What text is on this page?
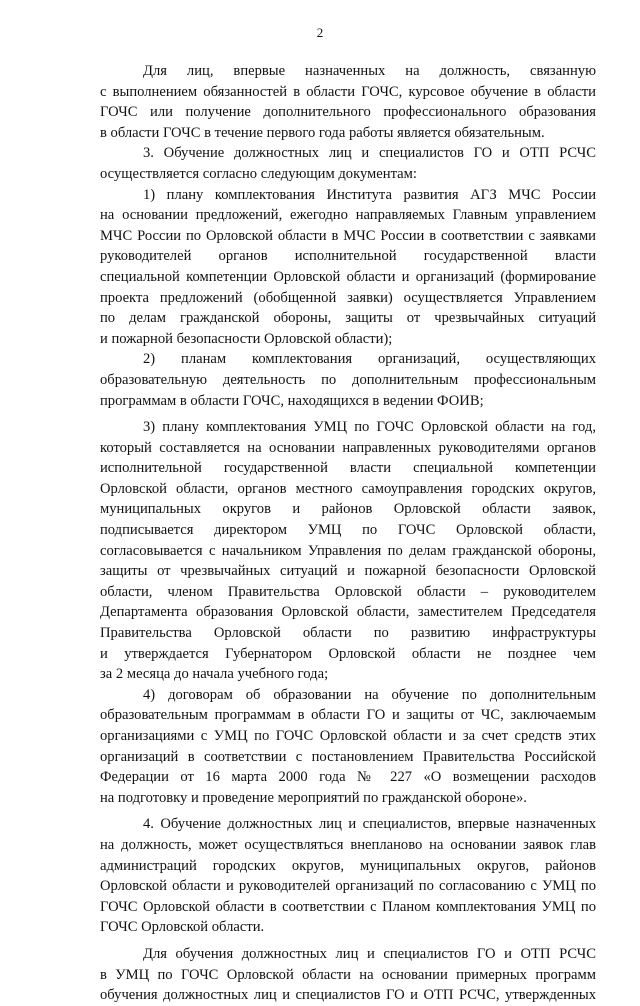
2
Для лиц, впервые назначенных на должность, связанную
с выполнением обязанностей в области ГОЧС, курсовое обучение в области
ГОЧС или получение дополнительного профессионального образования
в области ГОЧС в течение первого года работы является обязательным.
3. Обучение должностных лиц и специалистов ГО и ОТП РСЧС
осуществляется согласно следующим документам:
1) плану комплектования Института развития АГЗ МЧС России
на основании предложений, ежегодно направляемых Главным управлением
МЧС России по Орловской области в МЧС России в соответствии с заявками
руководителей органов исполнительной государственной власти
специальной компетенции Орловской области и организаций (формирование
проекта предложений (обобщенной заявки) осуществляется Управлением
по делам гражданской обороны, защиты от чрезвычайных ситуаций
и пожарной безопасности Орловской области);
2) планам комплектования организаций, осуществляющих
образовательную деятельность по дополнительным профессиональным
программам в области ГОЧС, находящихся в ведении ФОИВ;
3) плану комплектования УМЦ по ГОЧС Орловской области на год,
который составляется на основании направленных руководителями органов
исполнительной государственной власти специальной компетенции
Орловской области, органов местного самоуправления городских округов,
муниципальных округов и районов Орловской области заявок,
подписывается директором УМЦ по ГОЧС Орловской области,
согласовывается с начальником Управления по делам гражданской обороны,
защиты от чрезвычайных ситуаций и пожарной безопасности Орловской
области, членом Правительства Орловской области – руководителем
Департамента образования Орловской области, заместителем Председателя
Правительства Орловской области по развитию инфраструктуры
и утверждается Губернатором Орловской области не позднее чем
за 2 месяца до начала учебного года;
4) договорам об образовании на обучение по дополнительным
образовательным программам в области ГО и защиты от ЧС, заключаемым
организациями с УМЦ по ГОЧС Орловской области и за счет средств этих
организаций в соответствии с постановлением Правительства Российской
Федерации от 16 марта 2000 года № 227 «О возмещении расходов
на подготовку и проведение мероприятий по гражданской обороне».
4. Обучение должностных лиц и специалистов, впервые назначенных
на должность, может осуществляться внепланово на основании заявок глав
администраций городских округов, муниципальных округов, районов
Орловской области и руководителей организаций по согласованию с УМЦ по
ГОЧС Орловской области в соответствии с Планом комплектования УМЦ по
ГОЧС Орловской области.
Для обучения должностных лиц и специалистов ГО и ОТП РСЧС
в УМЦ по ГОЧС Орловской области на основании примерных программ
обучения должностных лиц и специалистов ГО и ОТП РСЧС, утвержденных
